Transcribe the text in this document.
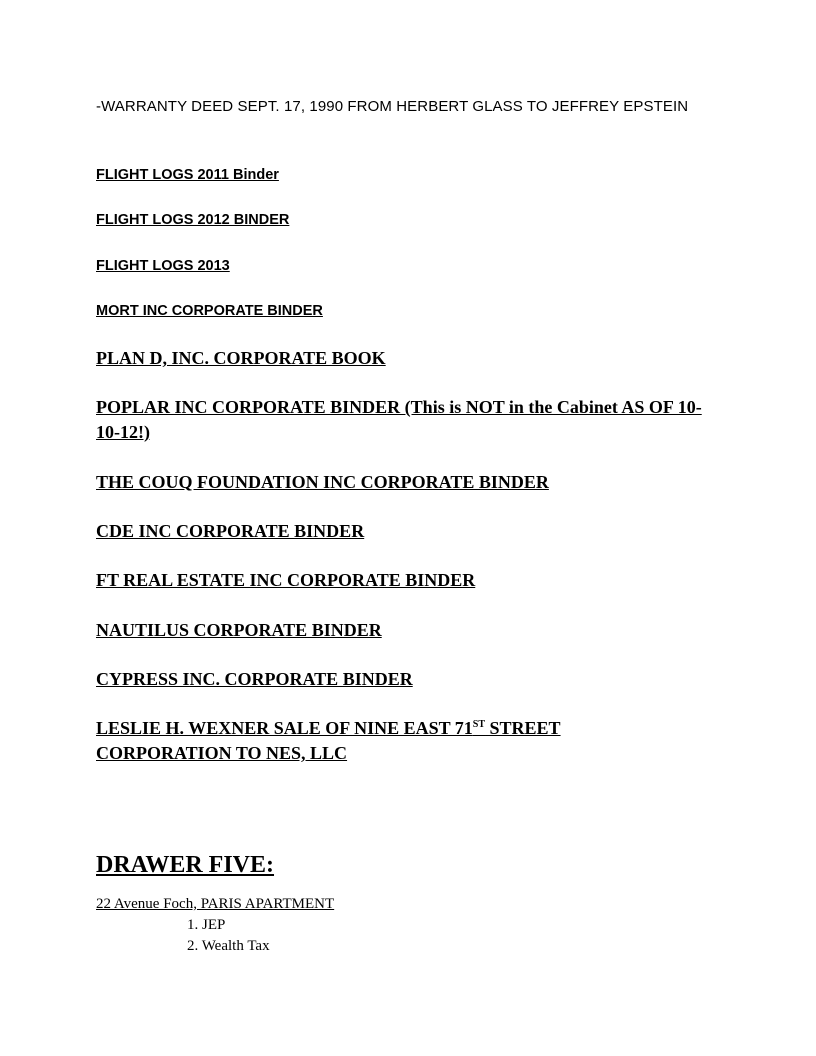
-WARRANTY DEED SEPT. 17, 1990 FROM HERBERT GLASS TO JEFFREY EPSTEIN
FLIGHT LOGS 2011 Binder
FLIGHT LOGS 2012 BINDER
FLIGHT LOGS 2013
MORT INC CORPORATE BINDER
PLAN D, INC. CORPORATE BOOK
POPLAR INC CORPORATE BINDER (This is NOT in the Cabinet AS OF 10-10-12!)
THE COUQ FOUNDATION INC CORPORATE BINDER
CDE INC CORPORATE BINDER
FT REAL ESTATE INC CORPORATE BINDER
NAUTILUS CORPORATE BINDER
CYPRESS INC. CORPORATE BINDER
LESLIE H. WEXNER SALE OF NINE EAST 71ST STREET
CORPORATION TO NES, LLC
DRAWER FIVE:
22 Avenue Foch, PARIS APARTMENT
1. JEP
2. Wealth Tax
